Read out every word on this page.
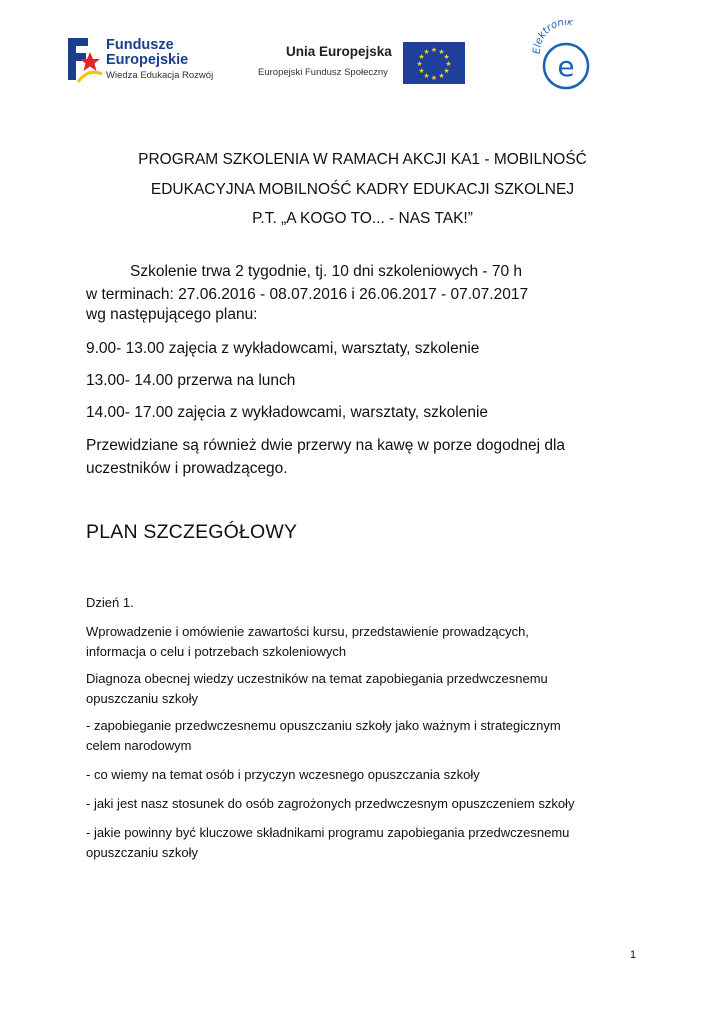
Fundusze
Europejskie
Wiedza Edukacja Rozwój
Unia Europejska
Europejski Fundusz Społeczny
★ ★
★
★
★
★
★
★
★
★
★
★	Elektronik
e
PROGRAM SZKOLENIA W RAMACH AKCJI KA1 - MOBILNOŚĆ
EDUKACYJNA MOBILNOŚĆ KADRY EDUKACJI SZKOLNEJ
P.T. „A KOGO TO... - NAS TAK!”
Szkolenie trwa 2 tygodnie, tj. 10 dni szkoleniowych - 70 h
w terminach: 27.06.2016 - 08.07.2016 i 26.06.2017 - 07.07.2017
wg następującego planu:
9.00- 13.00 zajęcia z wykładowcami, warsztaty, szkolenie
13.00- 14.00 przerwa na lunch
14.00- 17.00 zajęcia z wykładowcami, warsztaty, szkolenie
Przewidziane są również dwie przerwy na kawę w porze dogodnej dla
uczestników i prowadzącego.
PLAN SZCZEGÓŁOWY
Dzień 1.
Wprowadzenie i omówienie zawartości kursu, przedstawienie prowadzących,
informacja o celu i potrzebach szkoleniowych
Diagnoza obecnej wiedzy uczestników na temat zapobiegania przedwczesnemu
opuszczaniu szkoły
- zapobieganie przedwczesnemu opuszczaniu szkoły jako ważnym i strategicznym
celem narodowym
- co wiemy na temat osób i przyczyn wczesnego opuszczania szkoły
- jaki jest nasz stosunek do osób zagrożonych przedwczesnym opuszczeniem szkoły
- jakie powinny być kluczowe składnikami programu zapobiegania przedwczesnemu
opuszczaniu szkoły
1
